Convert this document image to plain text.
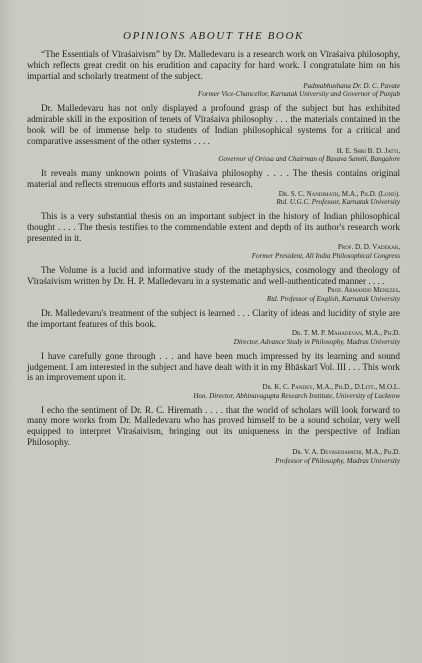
OPINIONS ABOUT THE BOOK

“The Essentials of Vīraśaivism” by Dr. Malledevaru is a research work on Vīraśaiva philosophy, which reflects great credit on his erudition and capacity for hard work. I congratulate him on his impartial and scholarly treatment of the subject.

Padmabhushana Dr. D. C. Pavate

Former Vice-Chancellor, Karnatak University and Governor of Punjab

Dr. Malledevaru has not only displayed a profound grasp of the subject but has exhibited admirable skill in the exposition of tenets of Vīraśaiva philosophy . . . the materials contained in the book will be of immense help to students of Indian philosophical systems for a critical and comparative assessment of the other systems . . . .

H. E. Shri B. D. Jatti,

Governor of Orissa and Chairman of Basava Samiti, Bangalore

It reveals many unknown points of Vīraśaiva philosophy . . . . The thesis contains original material and reflects strenuous efforts and sustained research.

Dr. S. C. Nandimath, M.A., Ph.D. (Lond).

Rtd. U.G.C. Professor, Karnatak University

This is a very substantial thesis on an important subject in the history of Indian philosophical thought . . . . The thesis testifies to the commendable extent and depth of its author's research work presented in it.

Prof. D. D. Vadekar,

Former President, All India Philosophical Congress

The Volume is a lucid and informative study of the metaphysics, cosmology and theology of Vīraśaivism written by Dr. H. P. Malledevaru in a systematic and well-authenticated manner . . . .

Prof. Armando Menezes,

Rtd. Professor of English, Karnatak University

Dr. Malledevaru's treatment of the subject is learned . . . Clarity of ideas and lucidity of style are the important features of this book.

Dr. T. M. P. Mahadevan, M.A., Ph.D.

Director, Advance Study in Philosophy, Madras University

I have carefully gone through . . . and have been much impressed by its learning and sound judgement. I am interested in the subject and have dealt with it in my Bhāskarī Vol. III . . . This work is an improvement upon it.

Dr. K. C. Pandey, M.A., Ph.D., D.Litt., M.O.L.

Hon. Director, Abhinavagupta Research Institute, University of Lucknow

I echo the sentiment of Dr. R. C. Hiremath . . . . that the world of scholars will look forward to many more works from Dr. Malledevaru who has proved himself to be a sound scholar, very well equipped to interpret Vīraśaivism, bringing out its uniqueness in the perspective of Indian Philosophy.

Dr. V. A. Devasenapathi, M.A., Ph.D.

Professor of Philosophy, Madras University
